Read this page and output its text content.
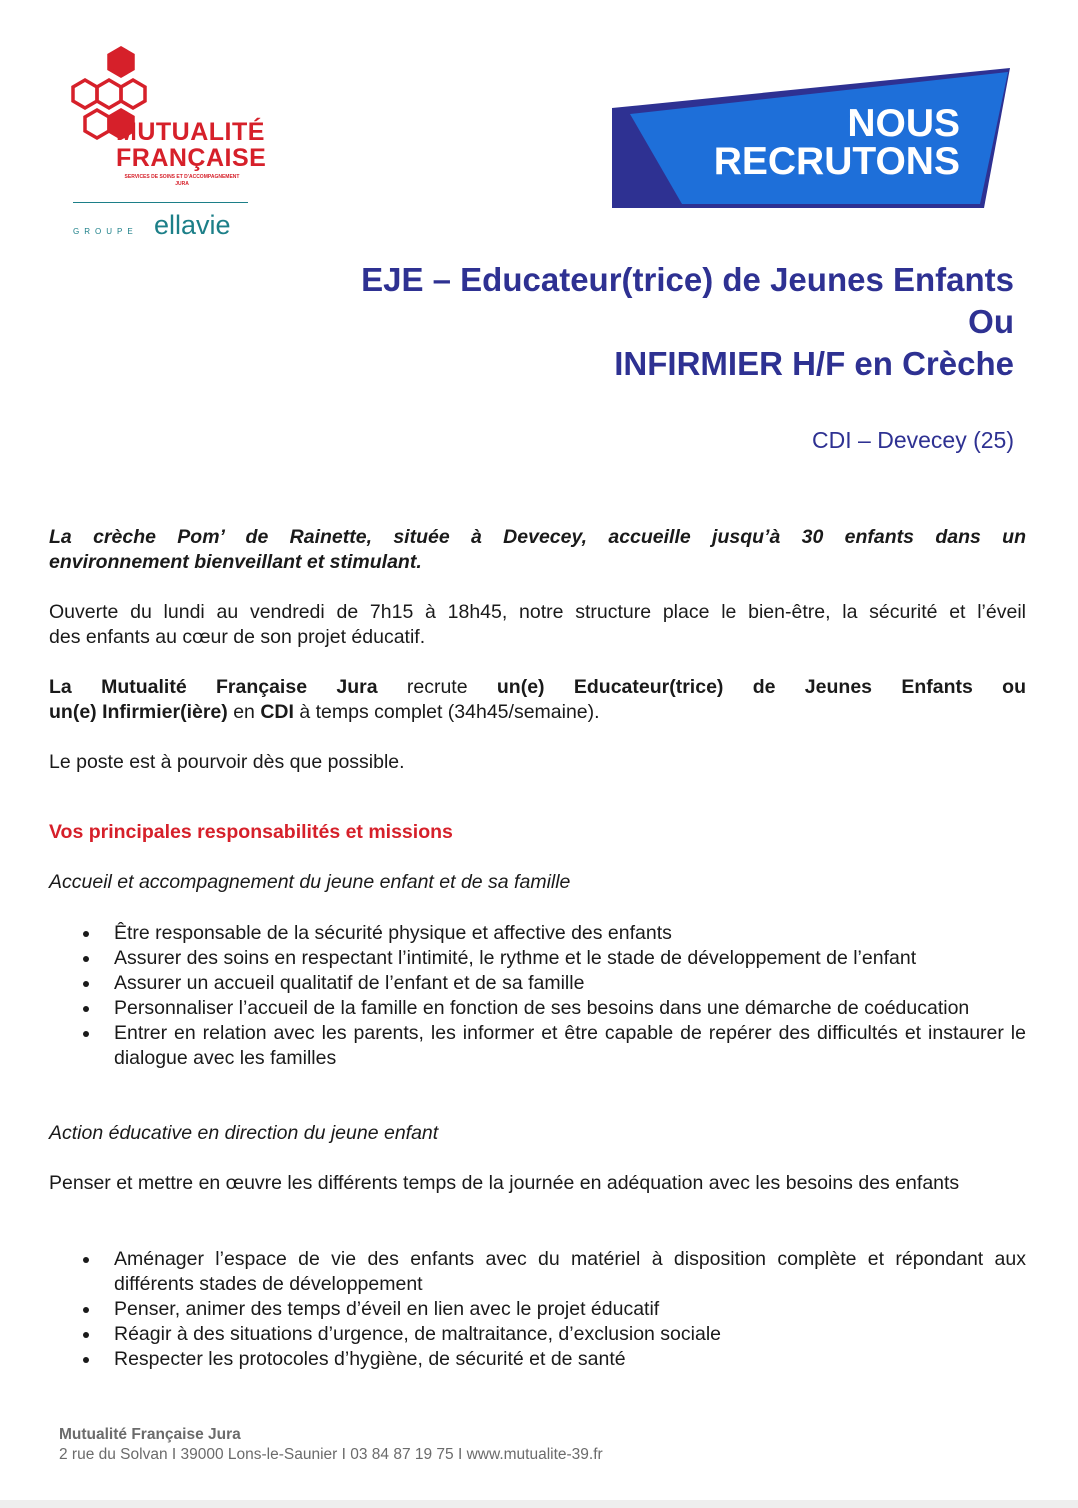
MUTUALITÉ
FRANÇAISE
SERVICES DE SOINS ET D'ACCOMPAGNEMENT
JURA
GROUPE ellavie
NOUS
RECRUTONS
EJE – Educateur(trice) de Jeunes Enfants
Ou
INFIRMIER H/F en Crèche
CDI – Devecey (25)
La crèche Pom’ de Rainette, située à Devecey, accueille jusqu’à 30 enfants dans un
environnement bienveillant et stimulant.
Ouverte du lundi au vendredi de 7h15 à 18h45, notre structure place le bien-être, la sécurité et l’éveil
des enfants au cœur de son projet éducatif.
La Mutualité Française Jura recrute un(e) Educateur(trice) de Jeunes Enfants ou
un(e) Infirmier(ière) en CDI à temps complet (34h45/semaine).
Le poste est à pourvoir dès que possible.
Vos principales responsabilités et missions
Accueil et accompagnement du jeune enfant et de sa famille
Être responsable de la sécurité physique et affective des enfants
Assurer des soins en respectant l’intimité, le rythme et le stade de développement de l’enfant
Assurer un accueil qualitatif de l’enfant et de sa famille
Personnaliser l’accueil de la famille en fonction de ses besoins dans une démarche de coéducation
Entrer en relation avec les parents, les informer et être capable de repérer des difficultés et instaurer le dialogue avec les familles
Action éducative en direction du jeune enfant
Penser et mettre en œuvre les différents temps de la journée en adéquation avec les besoins des enfants
Aménager l’espace de vie des enfants avec du matériel à disposition complète et répondant aux différents stades de développement
Penser, animer des temps d’éveil en lien avec le projet éducatif
Réagir à des situations d’urgence, de maltraitance, d’exclusion sociale
Respecter les protocoles d’hygiène, de sécurité et de santé
Mutualité Française Jura
2 rue du Solvan I 39000 Lons-le-Saunier I 03 84 87 19 75 I www.mutualite-39.fr
